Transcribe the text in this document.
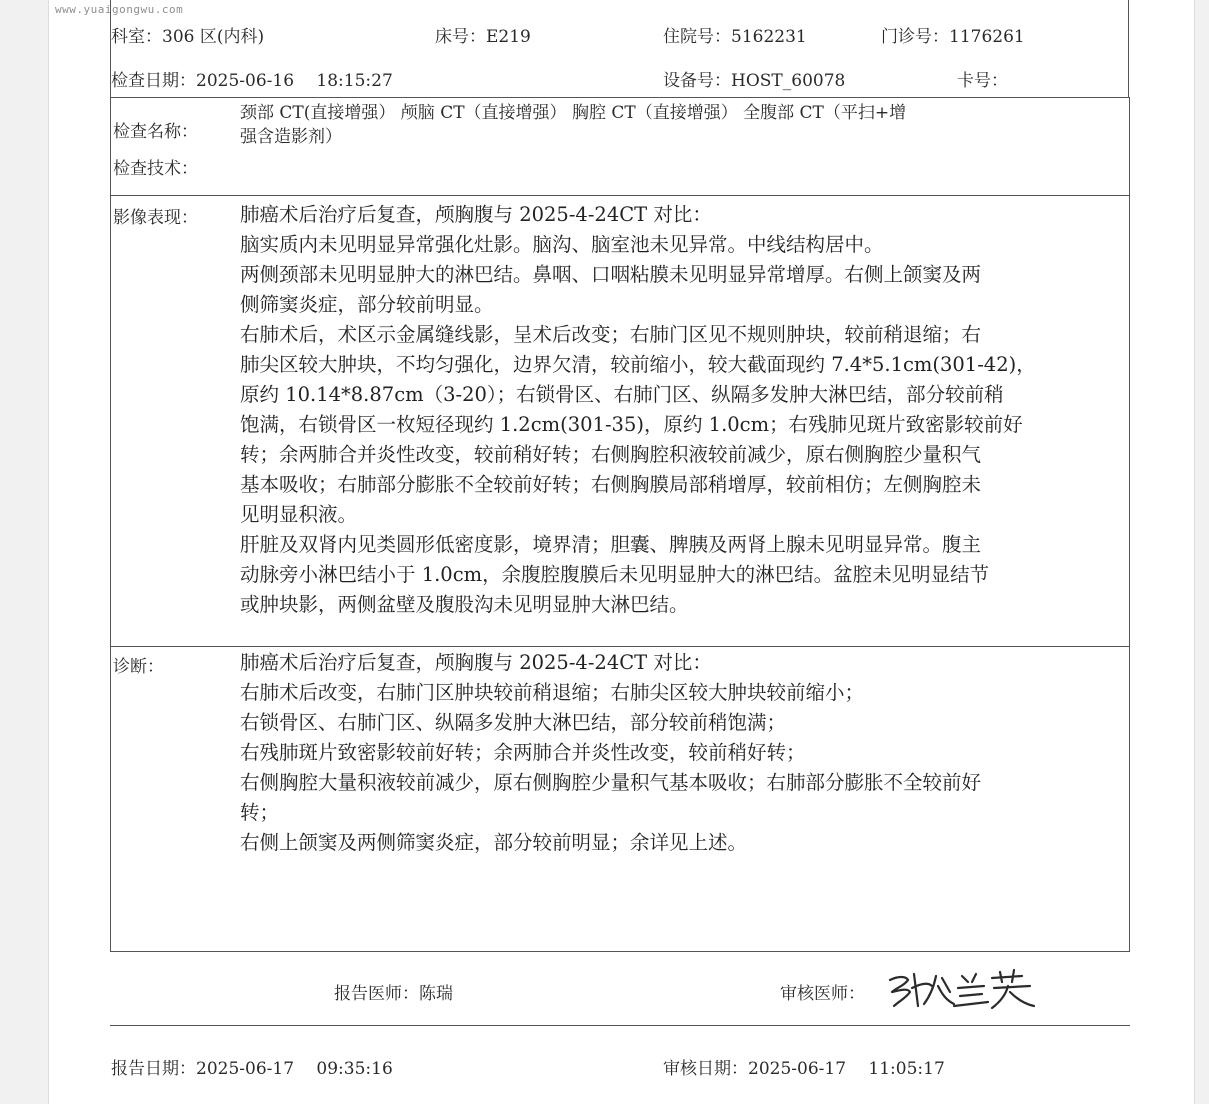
www.yuaigongwu.com
科室：306 区(内科)	床号：E219	住院号：5162231	门诊号：1176261
检查日期：2025-06-16　 18:15:27	设备号：HOST_60078	卡号：
检查名称：
颈部 CT(直接增强） 颅脑 CT（直接增强） 胸腔 CT（直接增强） 全腹部 CT（平扫+增
强含造影剂）
检查技术：
影像表现： 肺癌术后治疗后复查，颅胸腹与 2025-4-24CT 对比：
脑实质内未见明显异常强化灶影。脑沟、脑室池未见异常。中线结构居中。
两侧颈部未见明显肿大的淋巴结。鼻咽、口咽粘膜未见明显异常增厚。右侧上颌窦及两
侧筛窦炎症，部分较前明显。
右肺术后，术区示金属缝线影，呈术后改变；右肺门区见不规则肿块，较前稍退缩；右
肺尖区较大肿块，不均匀强化，边界欠清，较前缩小，较大截面现约 7.4*5.1cm(301-42)，
原约 10.14*8.87cm（3-20）；右锁骨区、右肺门区、纵隔多发肿大淋巴结，部分较前稍
饱满，右锁骨区一枚短径现约 1.2cm(301-35)，原约 1.0cm；右残肺见斑片致密影较前好
转；余两肺合并炎性改变，较前稍好转；右侧胸腔积液较前减少，原右侧胸腔少量积气
基本吸收；右肺部分膨胀不全较前好转；右侧胸膜局部稍增厚，较前相仿；左侧胸腔未
见明显积液。
肝脏及双肾内见类圆形低密度影，境界清；胆囊、脾胰及两肾上腺未见明显异常。腹主
动脉旁小淋巴结小于 1.0cm，余腹腔腹膜后未见明显肿大的淋巴结。盆腔未见明显结节
或肿块影，两侧盆壁及腹股沟未见明显肿大淋巴结。
诊断：	肺癌术后治疗后复查，颅胸腹与 2025-4-24CT 对比：
右肺术后改变，右肺门区肿块较前稍退缩；右肺尖区较大肿块较前缩小；
右锁骨区、右肺门区、纵隔多发肿大淋巴结，部分较前稍饱满；
右残肺斑片致密影较前好转；余两肺合并炎性改变，较前稍好转；
右侧胸腔大量积液较前减少，原右侧胸腔少量积气基本吸收；右肺部分膨胀不全较前好
转；
右侧上颌窦及两侧筛窦炎症，部分较前明显；余详见上述。
报告医师：陈瑞	审核医师：
报告日期：2025-06-17　 09:35:16	审核日期：2025-06-17　 11:05:17
